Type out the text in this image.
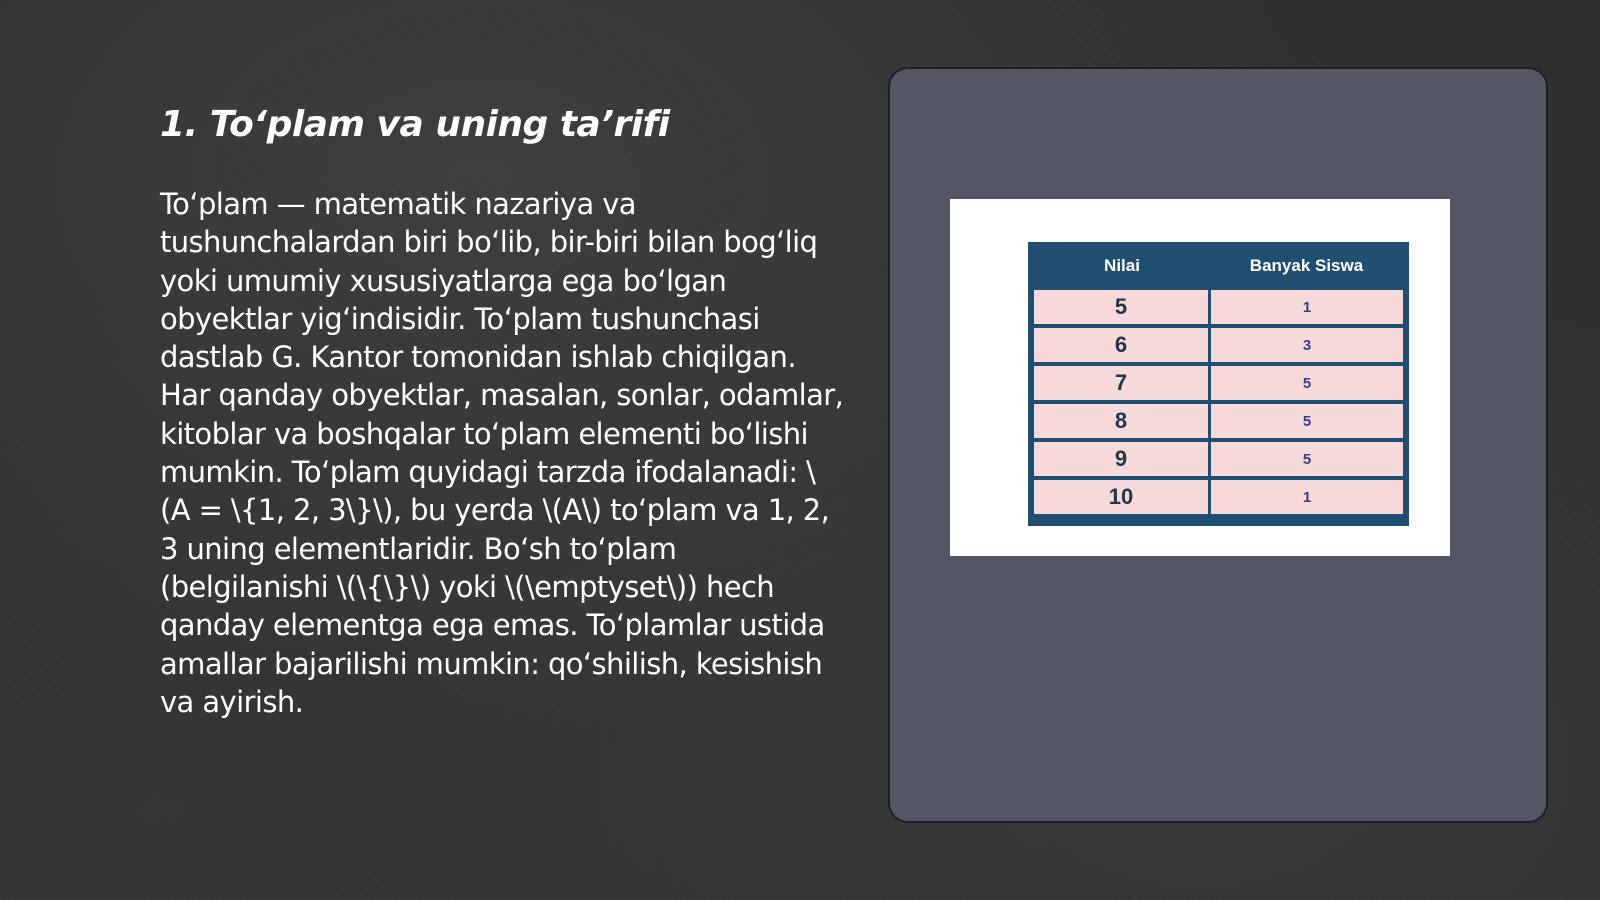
1. To‘plam va uning ta’rifi

To‘plam — matematik nazariya va tushunchalardan biri bo‘lib, bir-biri bilan bog‘liq yoki umumiy xususiyatlarga ega bo‘lgan obyektlar yig‘indisidir. To‘plam tushunchasi dastlab G. Kantor tomonidan ishlab chiqilgan. Har qanday obyektlar, masalan, sonlar, odamlar, kitoblar va boshqalar to‘plam elementi bo‘lishi mumkin. To‘plam quyidagi tarzda ifodalanadi: \(A = \{1, 2, 3\}\), bu yerda \(A\) to‘plam va 1, 2, 3 uning elementlaridir. Bo‘sh to‘plam (belgilanishi \(\{\}\) yoki \(\emptyset\)) hech qanday elementga ega emas. To‘plamlar ustida amallar bajarilishi mumkin: qo‘shilish, kesishish va ayirish.

Nilai	Banyak Siswa
5	1
6	3
7	5
8	5
9	5
10	1
